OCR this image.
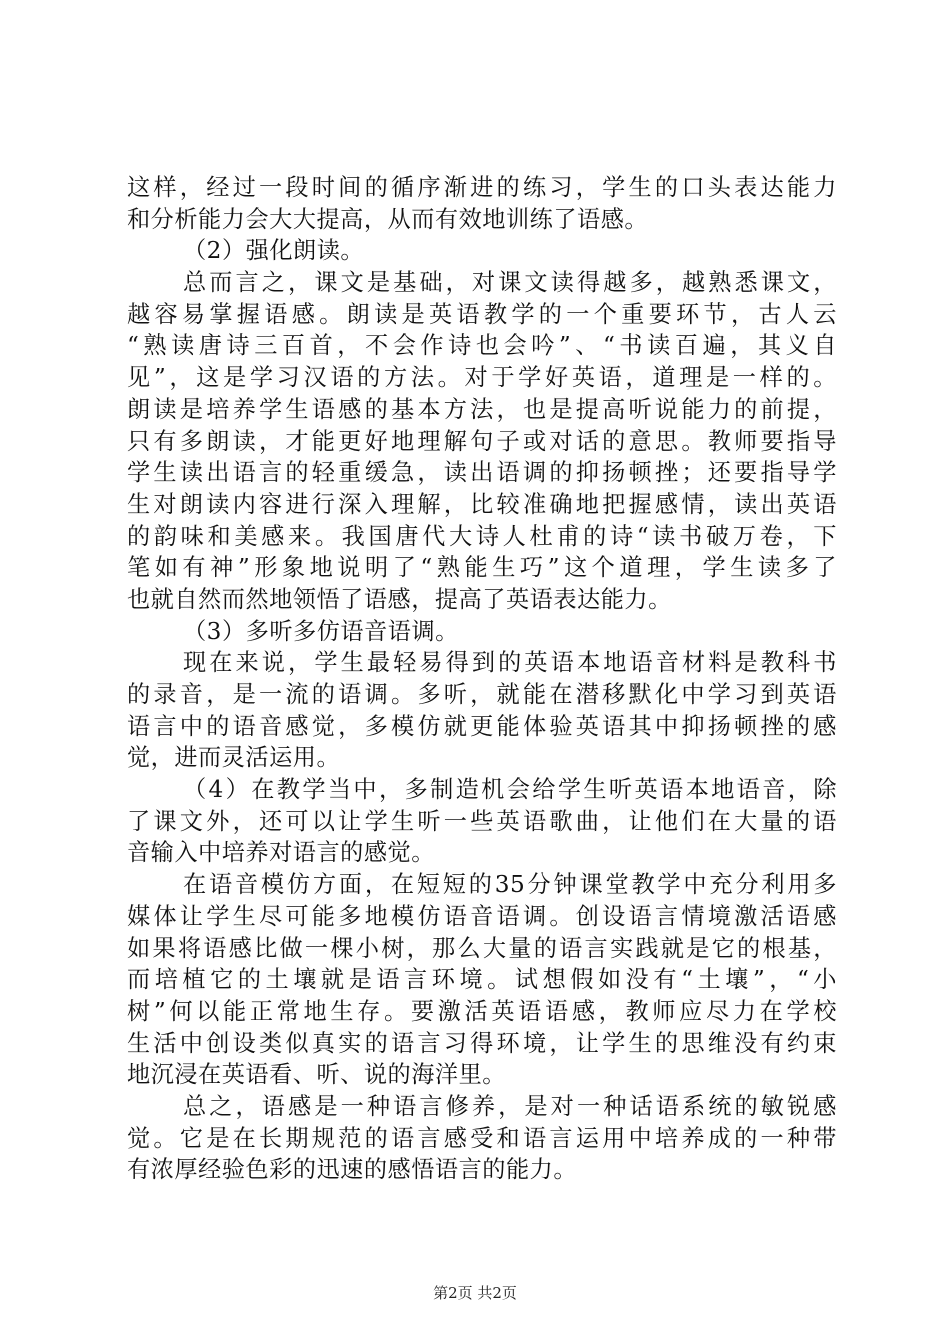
这样，经过一段时间的循序渐进的练习，学生的口头表达能力
和分析能力会大大提高，从而有效地训练了语感。
（2）强化朗读。
总而言之，课文是基础，对课文读得越多，越熟悉课文，
越容易掌握语感。朗读是英语教学的一个重要环节，古人云
“熟读唐诗三百首，不会作诗也会吟”、“书读百遍，其义自
见”，这是学习汉语的方法。对于学好英语，道理是一样的。
朗读是培养学生语感的基本方法，也是提高听说能力的前提，
只有多朗读，才能更好地理解句子或对话的意思。教师要指导
学生读出语言的轻重缓急，读出语调的抑扬顿挫；还要指导学
生对朗读内容进行深入理解，比较准确地把握感情，读出英语
的韵味和美感来。我国唐代大诗人杜甫的诗“读书破万卷，下
笔如有神”形象地说明了“熟能生巧”这个道理，学生读多了
也就自然而然地领悟了语感，提高了英语表达能力。
（3）多听多仿语音语调。
现在来说，学生最轻易得到的英语本地语音材料是教科书
的录音，是一流的语调。多听，就能在潜移默化中学习到英语
语言中的语音感觉，多模仿就更能体验英语其中抑扬顿挫的感
觉，进而灵活运用。
（4）在教学当中，多制造机会给学生听英语本地语音，除
了课文外，还可以让学生听一些英语歌曲，让他们在大量的语
音输入中培养对语言的感觉。
在语音模仿方面，在短短的35分钟课堂教学中充分利用多
媒体让学生尽可能多地模仿语音语调。创设语言情境激活语感
如果将语感比做一棵小树，那么大量的语言实践就是它的根基，
而培植它的土壤就是语言环境。试想假如没有“土壤”，“小
树”何以能正常地生存。要激活英语语感，教师应尽力在学校
生活中创设类似真实的语言习得环境，让学生的思维没有约束
地沉浸在英语看、听、说的海洋里。
总之，语感是一种语言修养，是对一种话语系统的敏锐感
觉。它是在长期规范的语言感受和语言运用中培养成的一种带
有浓厚经验色彩的迅速的感悟语言的能力。
第2页 共2页
